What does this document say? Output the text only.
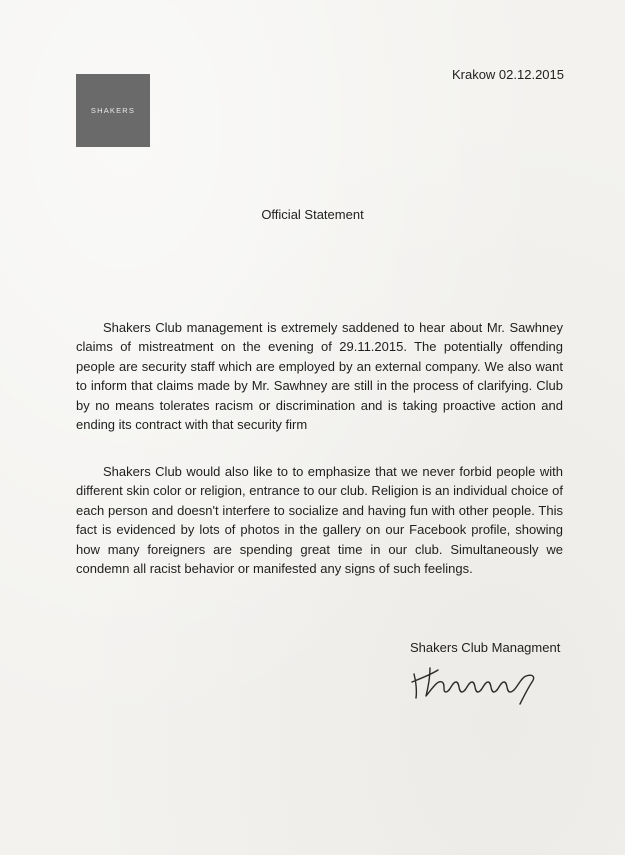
SHAKERS
Krakow 02.12.2015
Official Statement

Shakers Club management is extremely saddened to hear about Mr. Sawhney claims of mistreatment on the evening of 29.11.2015. The potentially offending people are security staff which are employed by an external company. We also want to inform that claims made by Mr. Sawhney are still in the process of clarifying. Club by no means tolerates racism or discrimination and is taking proactive action and ending its contract with that security firm

Shakers Club would also like to to emphasize that we never forbid people with different skin color or religion, entrance to our club. Religion is an individual choice of each person and doesn't interfere to socialize and having fun with other people. This fact is evidenced by lots of photos in the gallery on our Facebook profile, showing how many foreigners are spending great time in our club. Simultaneously we condemn all racist behavior or manifested any signs of such feelings.

Shakers Club Managment
